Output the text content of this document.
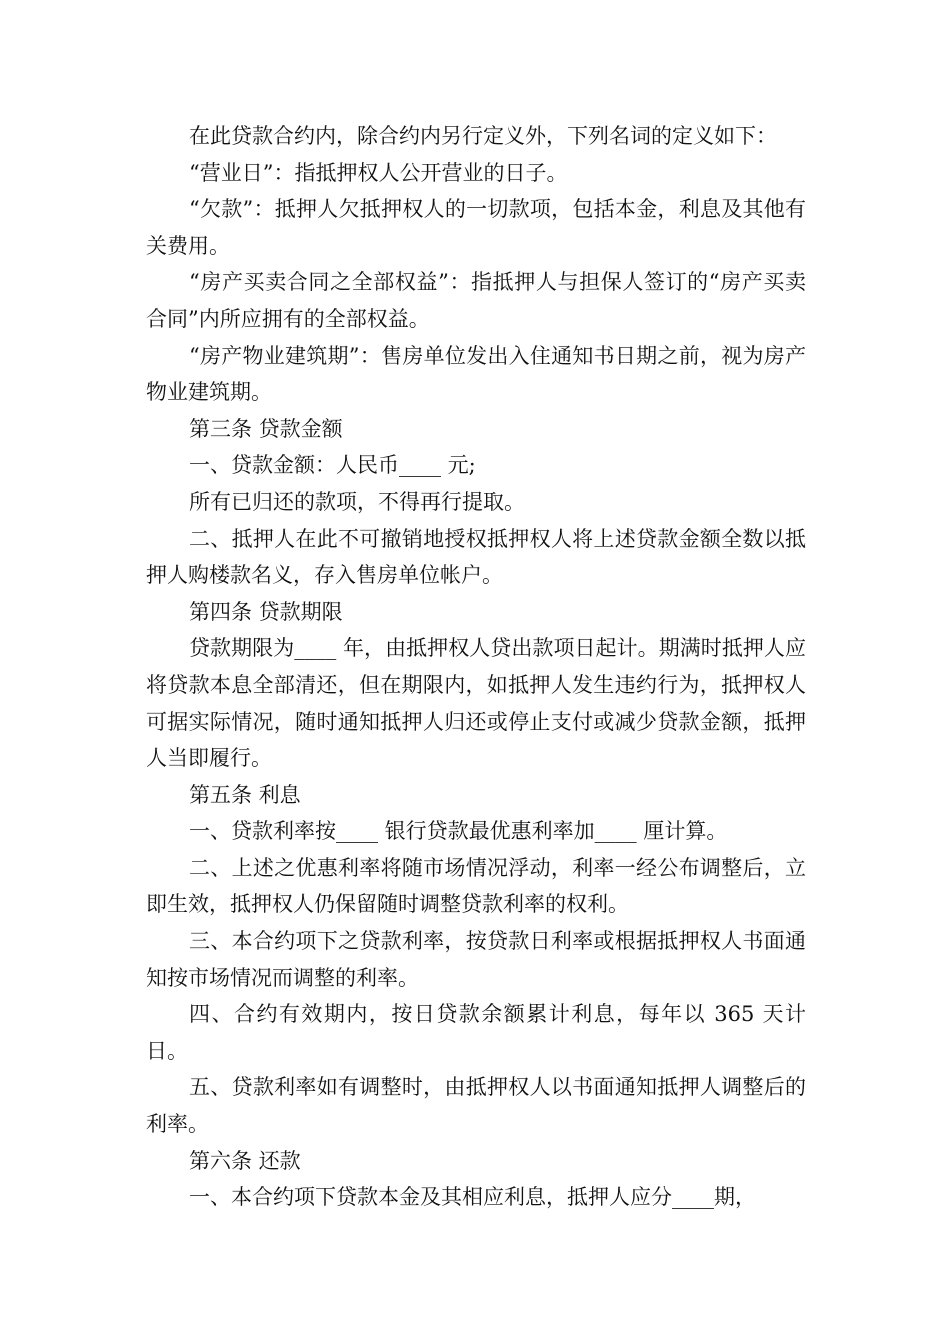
在此贷款合约内，除合约内另行定义外，下列名词的定义如下：

“营业日”：指抵押权人公开营业的日子。

“欠款”：抵押人欠抵押权人的一切款项，包括本金，利息及其他有关费用。

“房产买卖合同之全部权益”：指抵押人与担保人签订的“房产买卖合同”内所应拥有的全部权益。

“房产物业建筑期”：售房单位发出入住通知书日期之前，视为房产物业建筑期。

第三条 贷款金额

一、贷款金额：人民币____ 元;

所有已归还的款项，不得再行提取。

二、抵押人在此不可撤销地授权抵押权人将上述贷款金额全数以抵押人购楼款名义，存入售房单位帐户。

第四条 贷款期限

贷款期限为____ 年，由抵押权人贷出款项日起计。期满时抵押人应将贷款本息全部清还，但在期限内，如抵押人发生违约行为，抵押权人可据实际情况，随时通知抵押人归还或停止支付或减少贷款金额，抵押人当即履行。

第五条 利息

一、贷款利率按____ 银行贷款最优惠利率加____ 厘计算。

二、上述之优惠利率将随市场情况浮动，利率一经公布调整后，立即生效，抵押权人仍保留随时调整贷款利率的权利。

三、本合约项下之贷款利率，按贷款日利率或根据抵押权人书面通知按市场情况而调整的利率。

四、合约有效期内，按日贷款余额累计利息，每年以 365 天计日。

五、贷款利率如有调整时，由抵押权人以书面通知抵押人调整后的利率。

第六条 还款

一、本合约项下贷款本金及其相应利息，抵押人应分____期，
